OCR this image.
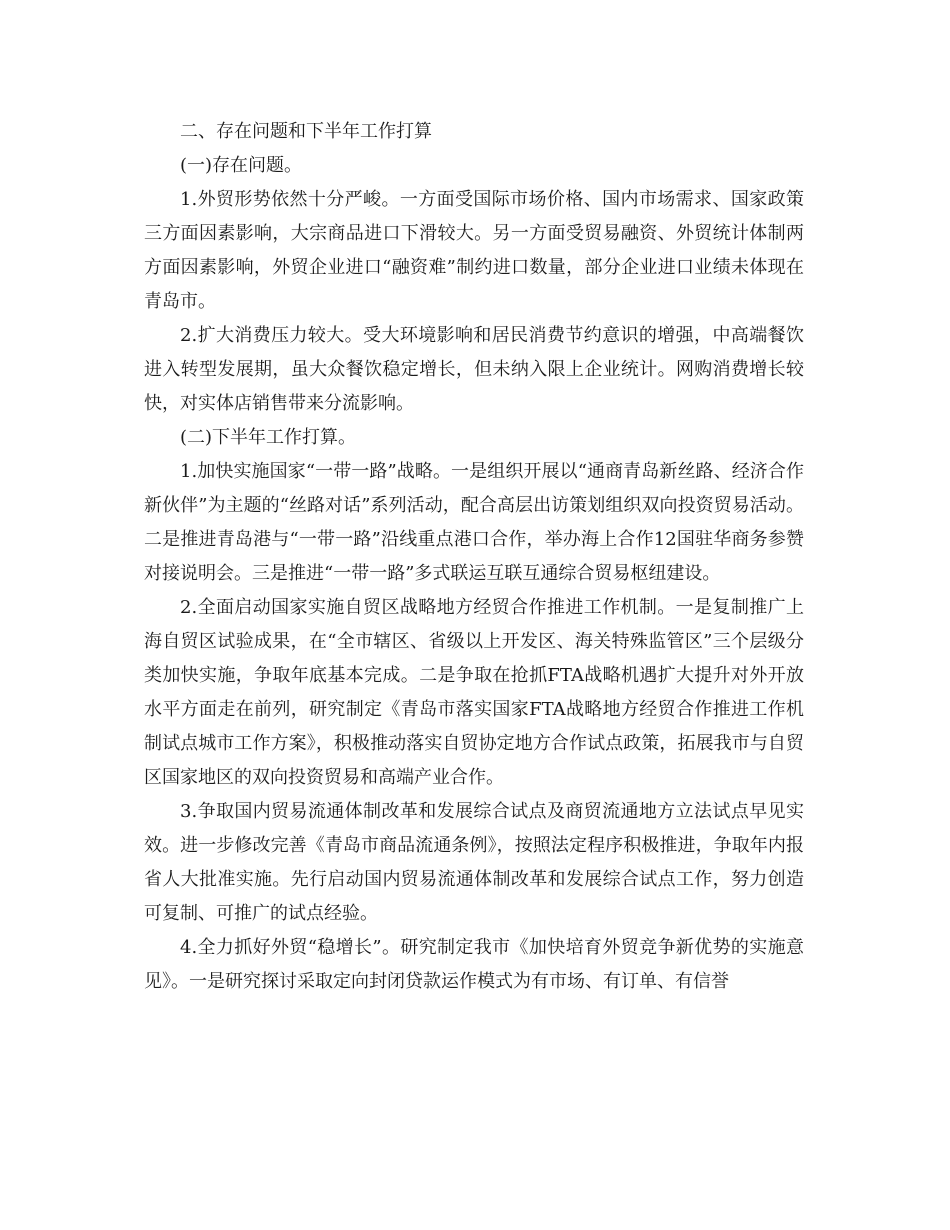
二、存在问题和下半年工作打算

(一)存在问题。

1.外贸形势依然十分严峻。一方面受国际市场价格、国内市场需求、国家政策三方面因素影响，大宗商品进口下滑较大。另一方面受贸易融资、外贸统计体制两方面因素影响，外贸企业进口“融资难”制约进口数量，部分企业进口业绩未体现在青岛市。

2.扩大消费压力较大。受大环境影响和居民消费节约意识的增强，中高端餐饮进入转型发展期，虽大众餐饮稳定增长，但未纳入限上企业统计。网购消费增长较快，对实体店销售带来分流影响。

(二)下半年工作打算。

1.加快实施国家“一带一路”战略。一是组织开展以“通商青岛新丝路、经济合作新伙伴”为主题的“丝路对话”系列活动，配合高层出访策划组织双向投资贸易活动。二是推进青岛港与“一带一路”沿线重点港口合作，举办海上合作12国驻华商务参赞对接说明会。三是推进“一带一路”多式联运互联互通综合贸易枢纽建设。

2.全面启动国家实施自贸区战略地方经贸合作推进工作机制。一是复制推广上海自贸区试验成果，在“全市辖区、省级以上开发区、海关特殊监管区”三个层级分类加快实施，争取年底基本完成。二是争取在抢抓FTA战略机遇扩大提升对外开放水平方面走在前列，研究制定《青岛市落实国家FTA战略地方经贸合作推进工作机制试点城市工作方案》，积极推动落实自贸协定地方合作试点政策，拓展我市与自贸区国家地区的双向投资贸易和高端产业合作。

3.争取国内贸易流通体制改革和发展综合试点及商贸流通地方立法试点早见实效。进一步修改完善《青岛市商品流通条例》，按照法定程序积极推进，争取年内报省人大批准实施。先行启动国内贸易流通体制改革和发展综合试点工作，努力创造可复制、可推广的试点经验。

4.全力抓好外贸“稳增长”。研究制定我市《加快培育外贸竞争新优势的实施意见》。一是研究探讨采取定向封闭贷款运作模式为有市场、有订单、有信誉
